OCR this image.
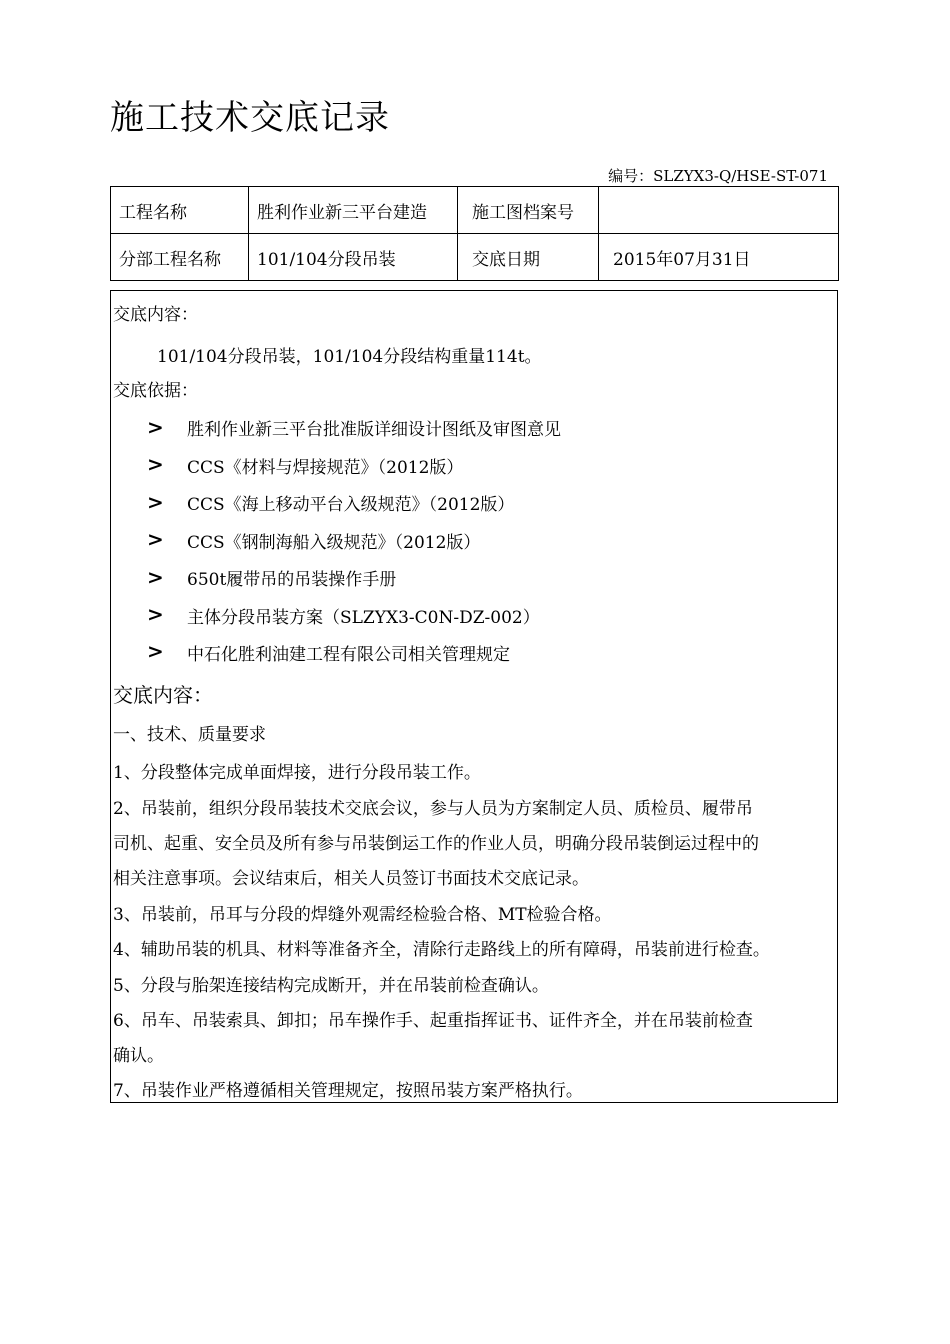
施工技术交底记录
编号：SLZYX3-Q/HSE-ST-071
工程名称	胜利作业新三平台建造	施工图档案号	
分部工程名称	101/104分段吊装	交底日期	2015年07月31日
交底内容：
101/104分段吊装，101/104分段结构重量114t。
交底依据：
> 胜利作业新三平台批准版详细设计图纸及审图意见
> CCS《材料与焊接规范》（2012版）
> CCS《海上移动平台入级规范》（2012版）
> CCS《钢制海船入级规范》（2012版）
> 650t履带吊的吊装操作手册
> 主体分段吊装方案（SLZYX3-C0N-DZ-002）
> 中石化胜利油建工程有限公司相关管理规定
交底内容：
一、技术、质量要求
1、分段整体完成单面焊接，进行分段吊装工作。
2、吊装前，组织分段吊装技术交底会议，参与人员为方案制定人员、质检员、履带吊
司机、起重、安全员及所有参与吊装倒运工作的作业人员，明确分段吊装倒运过程中的
相关注意事项。会议结束后，相关人员签订书面技术交底记录。
3、吊装前，吊耳与分段的焊缝外观需经检验合格、MT检验合格。
4、辅助吊装的机具、材料等准备齐全，清除行走路线上的所有障碍，吊装前进行检查。
5、分段与胎架连接结构完成断开，并在吊装前检查确认。
6、吊车、吊装索具、卸扣；吊车操作手、起重指挥证书、证件齐全，并在吊装前检查
确认。
7、吊装作业严格遵循相关管理规定，按照吊装方案严格执行。
